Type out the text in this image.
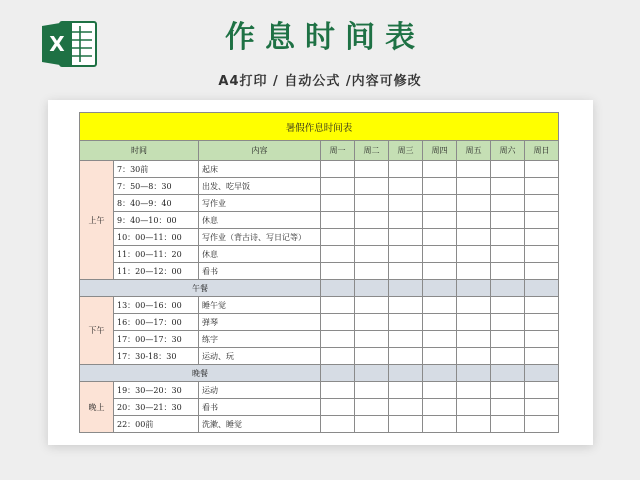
X	作息时间表
A4打印 / 自动公式 /内容可修改
暑假作息时间表									
时间		内容	周一	周二	周三	周四	周五	周六	周日
上午	7：30前	起床							
	7：50—8：30	出发、吃早饭							
	8：40—9：40	写作业							
	9：40—10：00	休息							
	10：00—11：00	写作业（背古诗、写日记等）							
	11：00—11：20	休息							
	11：20—12：00	看书							
午餐									
下午	13：00—16：00	睡午觉							
	16：00—17：00	弹琴							
	17：00—17：30	练字							
	17：30-18：30	运动、玩							
晚餐									
晚上	19：30—20：30	运动							
	20：30—21：30	看书							
	22：00前	洗漱、睡觉							
